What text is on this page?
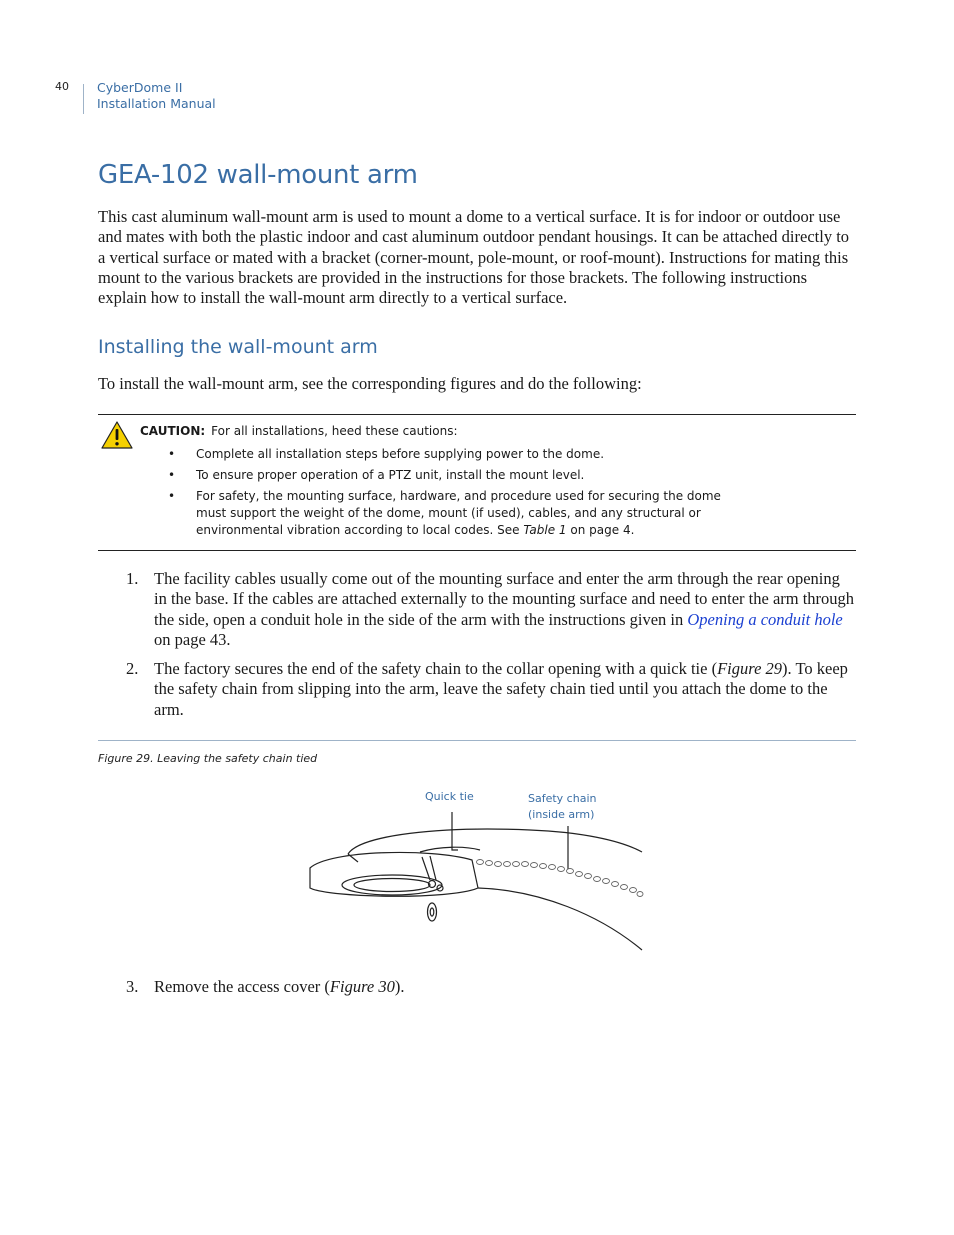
40 CyberDome II
Installation Manual
GEA-102 wall-mount arm

This cast aluminum wall-mount arm is used to mount a dome to a vertical surface. It is for indoor or outdoor use and mates with both the plastic indoor and cast aluminum outdoor pendant housings. It can be attached directly to a vertical surface or mated with a bracket (corner-mount, pole-mount, or roof-mount). Instructions for mating this mount to the various brackets are provided in the instructions for those brackets. The following instructions explain how to install the wall-mount arm directly to a vertical surface.

Installing the wall-mount arm

To install the wall-mount arm, see the corresponding figures and do the following:

CAUTION: For all installations, heed these cautions:
• Complete all installation steps before supplying power to the dome.
• To ensure proper operation of a PTZ unit, install the mount level.
• For safety, the mounting surface, hardware, and procedure used for securing the dome must support the weight of the dome, mount (if used), cables, and any structural or environmental vibration according to local codes. See Table 1 on page 4.
1. The facility cables usually come out of the mounting surface and enter the arm through the rear opening in the base. If the cables are attached externally to the mounting surface and need to enter the arm through the side, open a conduit hole in the side of the arm with the instructions given in Opening a conduit hole on page 43.
2. The factory secures the end of the safety chain to the collar opening with a quick tie (Figure 29). To keep the safety chain from slipping into the arm, leave the safety chain tied until you attach the dome to the arm.
Figure 29. Leaving the safety chain tied
Quick tie	Safety chain
(inside arm)
3. Remove the access cover (Figure 30).
